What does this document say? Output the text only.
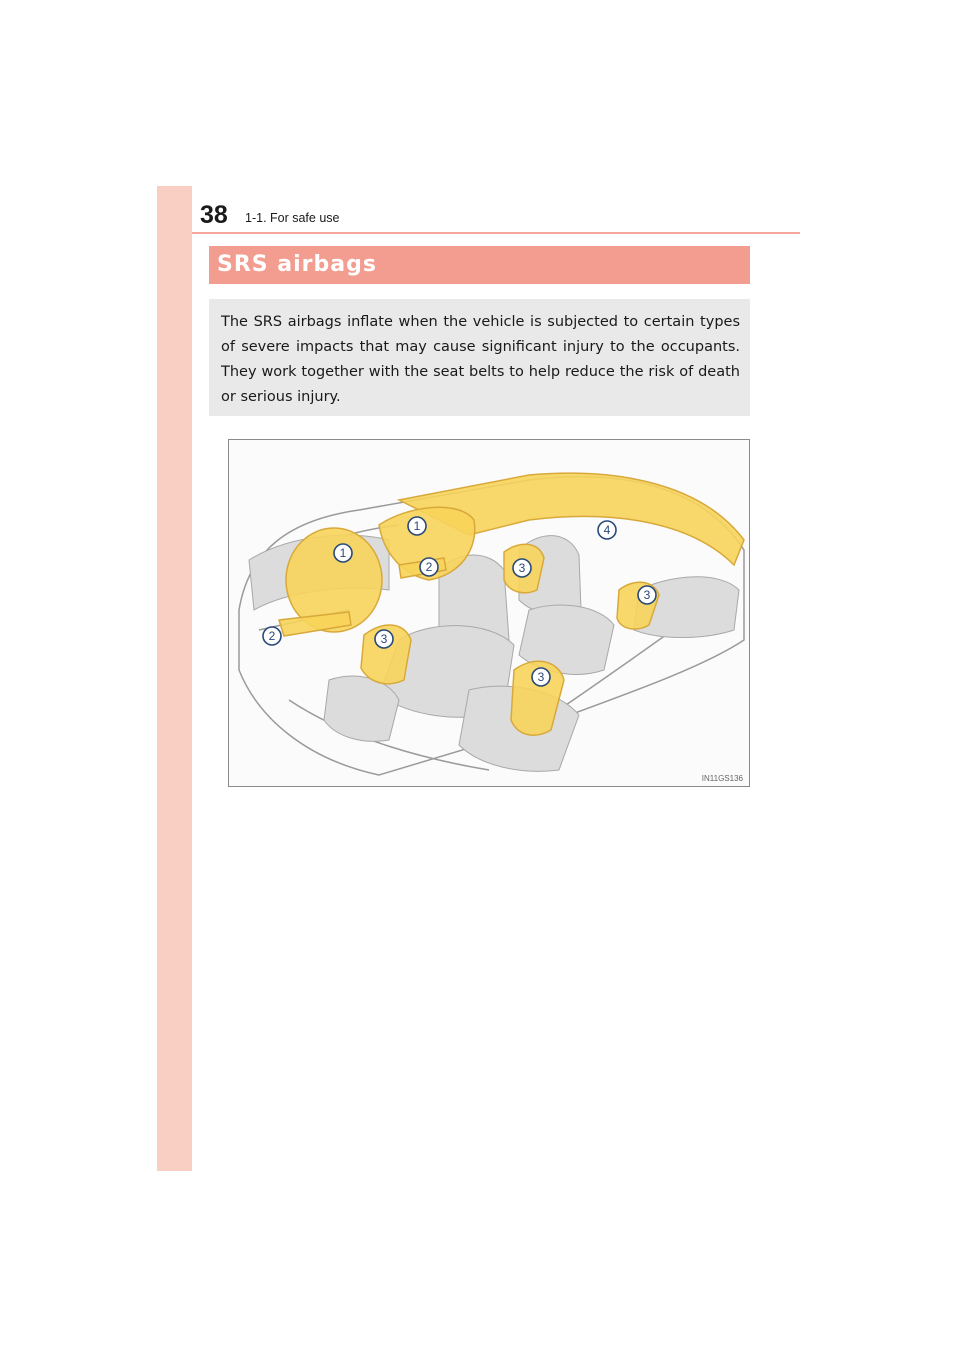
38 1-1. For safe use
SRS airbags

The SRS airbags inflate when the vehicle is subjected to certain types of severe impacts that may cause significant injury to the occupants. They work together with the seat belts to help reduce the risk of death or serious injury.

1
1
2
2
3
3
3
3
4
IN11GS136
